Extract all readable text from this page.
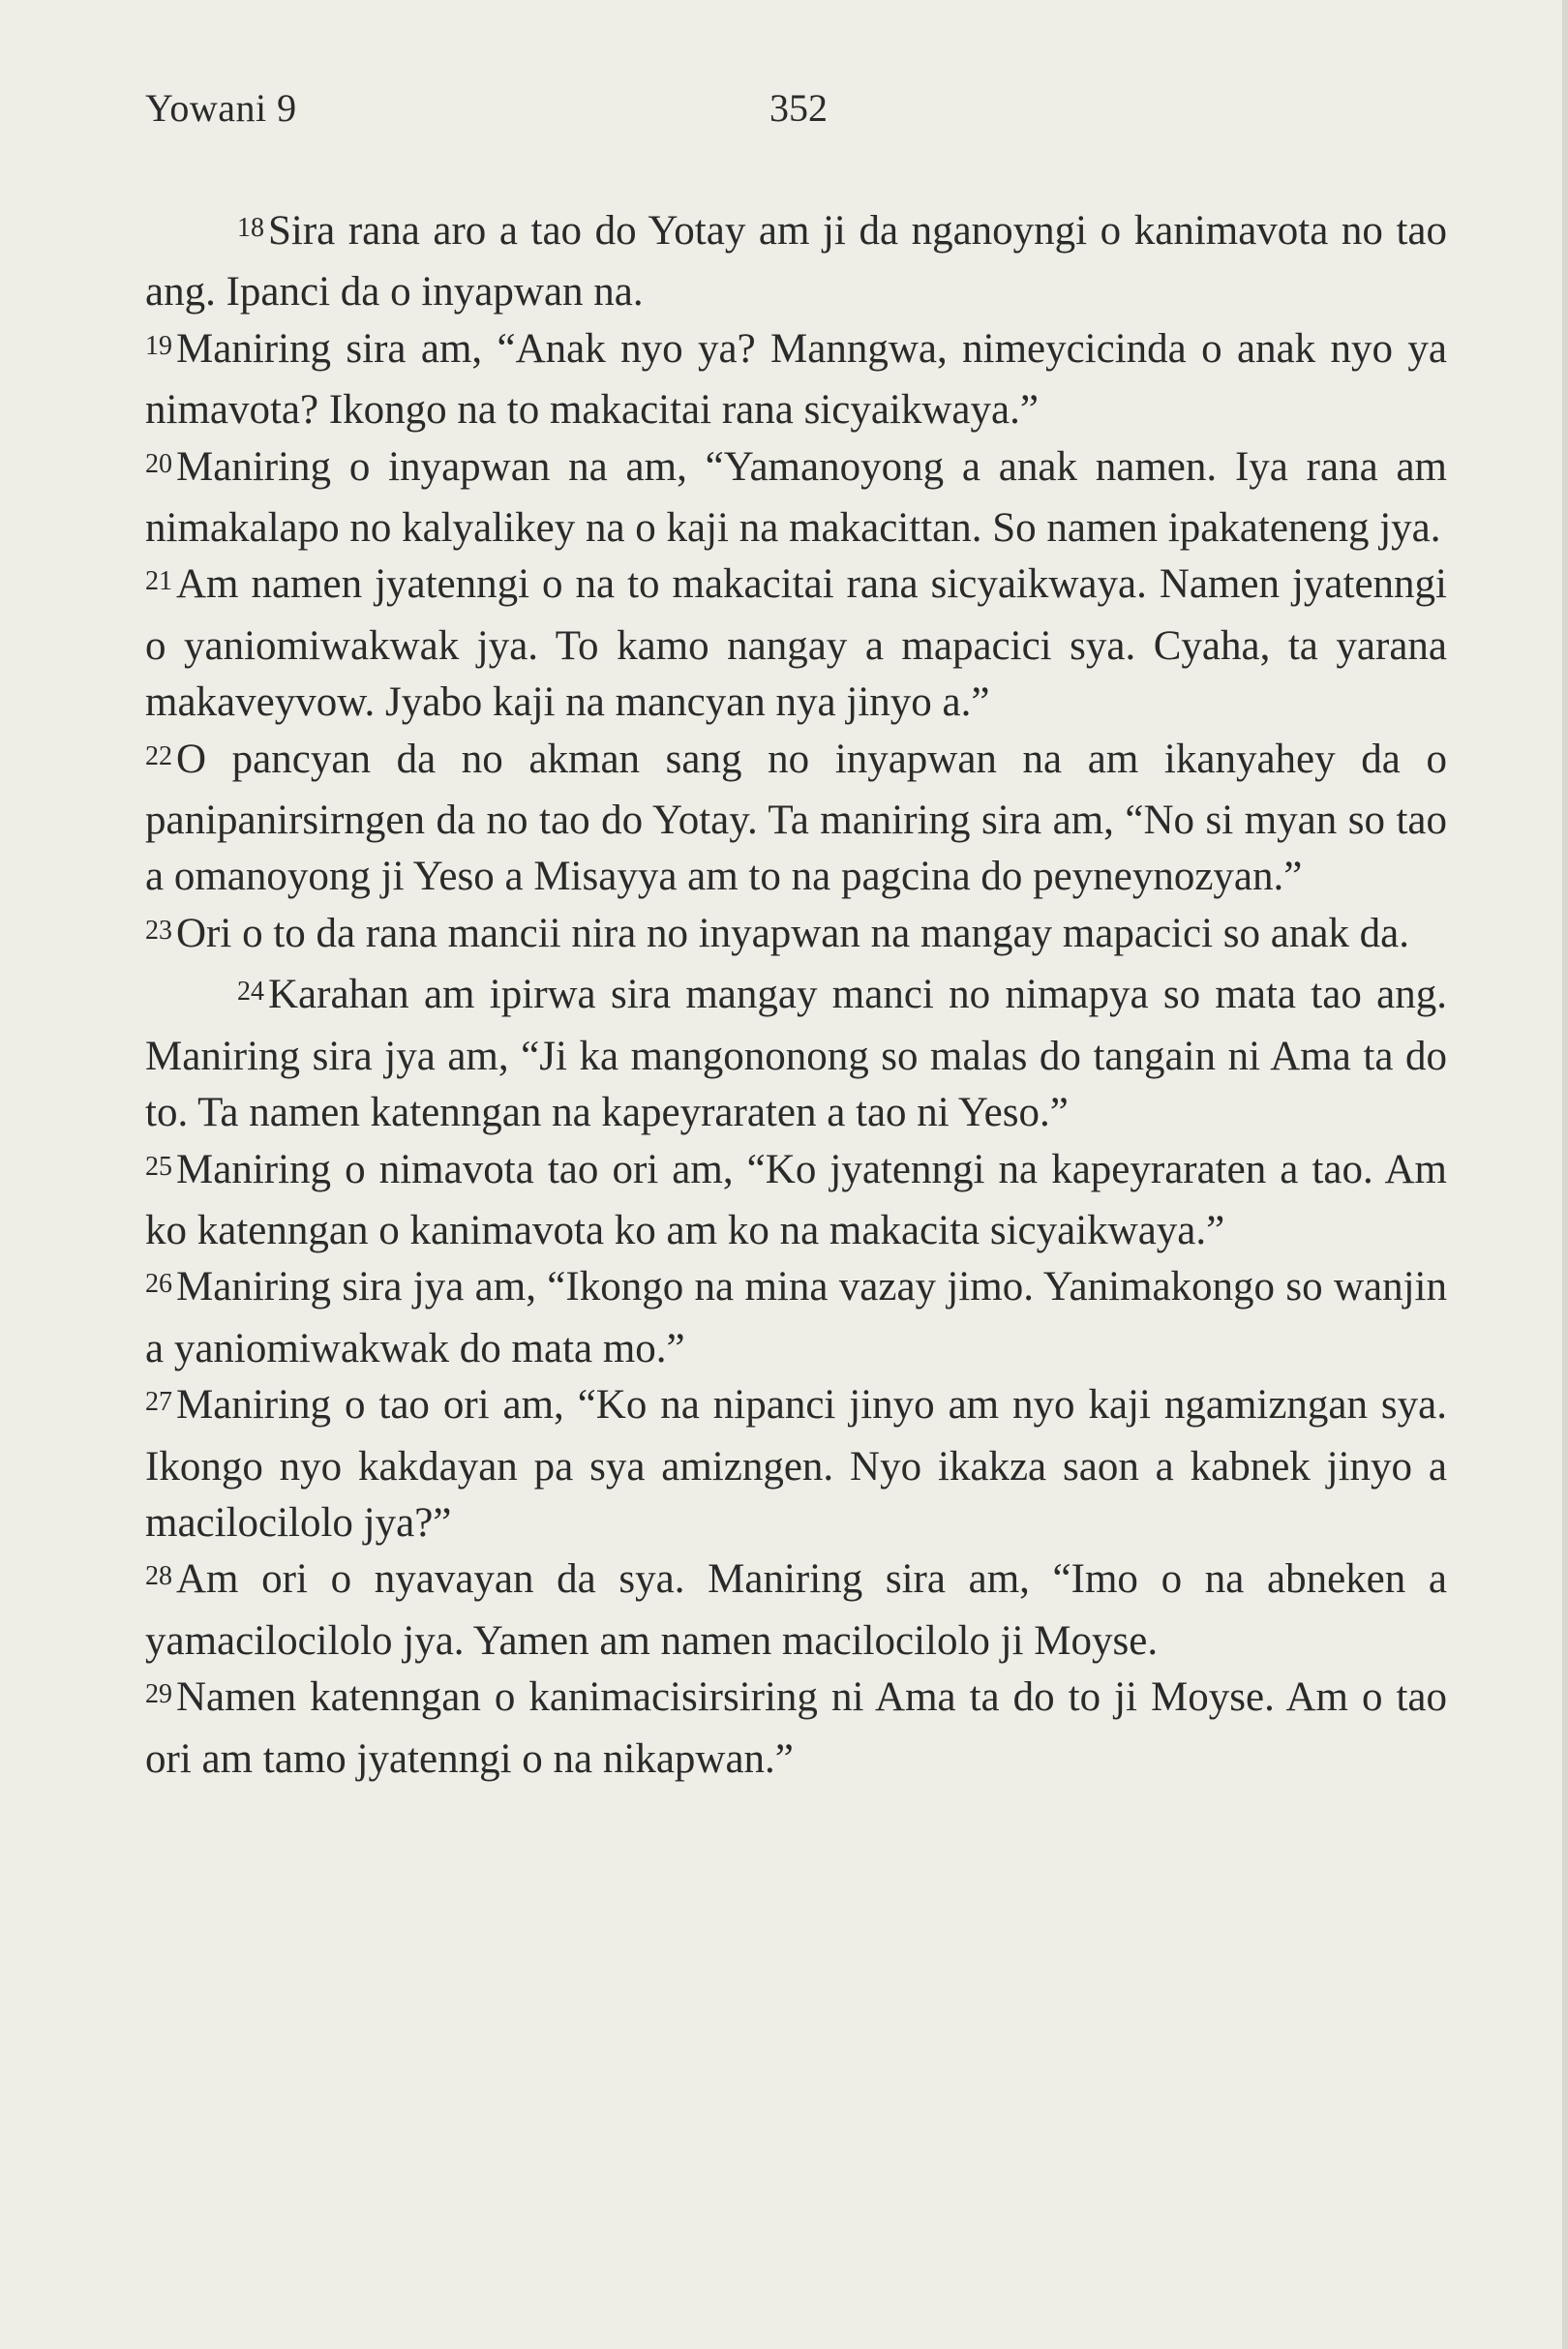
Yowani 9	352

18Sira rana aro a tao do Yotay am ji da nganoyngi o kanimavota no tao ang. Ipanci da o inyapwan na.

19Maniring sira am, “Anak nyo ya? Manngwa, nimeycicinda o anak nyo ya nimavota? Ikongo na to makacitai rana sicyaikwaya.”

20Maniring o inyapwan na am, “Yamanoyong a anak namen. Iya rana am nimakalapo no kalyalikey na o kaji na makacittan. So namen ipakateneng jya.

21Am namen jyatenngi o na to makacitai rana sicyaikwaya. Namen jyatenngi o yaniomiwakwak jya. To kamo nangay a mapacici sya. Cyaha, ta yarana makaveyvow. Jyabo kaji na mancyan nya jinyo a.”

22O pancyan da no akman sang no inyapwan na am ikanyahey da o panipanirsirngen da no tao do Yotay. Ta maniring sira am, “No si myan so tao a omanoyong ji Yeso a Misayya am to na pagcina do peyneynozyan.”

23Ori o to da rana mancii nira no inyapwan na mangay mapacici so anak da.

24Karahan am ipirwa sira mangay manci no nimapya so mata tao ang. Maniring sira jya am, “Ji ka mangononong so malas do tangain ni Ama ta do to. Ta namen katenngan na kapeyraraten a tao ni Yeso.”

25Maniring o nimavota tao ori am, “Ko jyatenngi na kapeyraraten a tao. Am ko katenngan o kanimavota ko am ko na makacita sicyaikwaya.”

26Maniring sira jya am, “Ikongo na mina vazay jimo. Yanimakongo so wanjin a yaniomiwakwak do mata mo.”

27Maniring o tao ori am, “Ko na nipanci jinyo am nyo kaji ngamizngan sya. Ikongo nyo kakdayan pa sya amizngen. Nyo ikakza saon a kabnek jinyo a macilocilolo jya?”

28Am ori o nyavayan da sya. Maniring sira am, “Imo o na abneken a yamacilocilolo jya. Yamen am namen macilocilolo ji Moyse.

29Namen katenngan o kanimacisirsiring ni Ama ta do to ji Moyse. Am o tao ori am tamo jyatenngi o na nikapwan.”
